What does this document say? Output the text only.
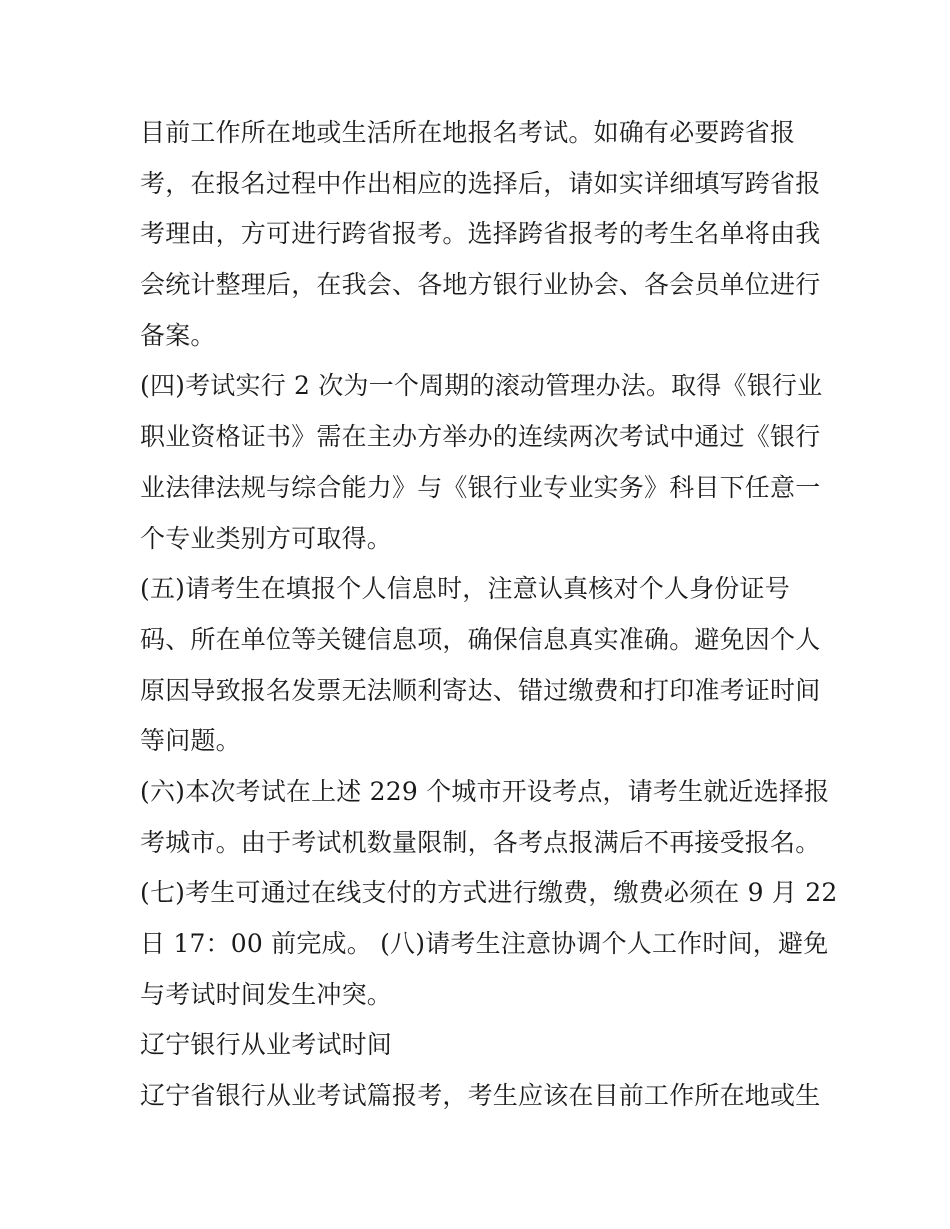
目前工作所在地或生活所在地报名考试。如确有必要跨省报
考，在报名过程中作出相应的选择后，请如实详细填写跨省报
考理由，方可进行跨省报考。选择跨省报考的考生名单将由我
会统计整理后，在我会、各地方银行业协会、各会员单位进行
备案。
(四)考试实行 2 次为一个周期的滚动管理办法。取得《银行业
职业资格证书》需在主办方举办的连续两次考试中通过《银行
业法律法规与综合能力》与《银行业专业实务》科目下任意一
个专业类别方可取得。
(五)请考生在填报个人信息时，注意认真核对个人身份证号
码、所在单位等关键信息项，确保信息真实准确。避免因个人
原因导致报名发票无法顺利寄达、错过缴费和打印准考证时间
等问题。
(六)本次考试在上述 229 个城市开设考点，请考生就近选择报
考城市。由于考试机数量限制，各考点报满后不再接受报名。
(七)考生可通过在线支付的方式进行缴费，缴费必须在 9 月 22
日 17：00 前完成。 (八)请考生注意协调个人工作时间，避免
与考试时间发生冲突。
辽宁银行从业考试时间
辽宁省银行从业考试篇报考，考生应该在目前工作所在地或生
